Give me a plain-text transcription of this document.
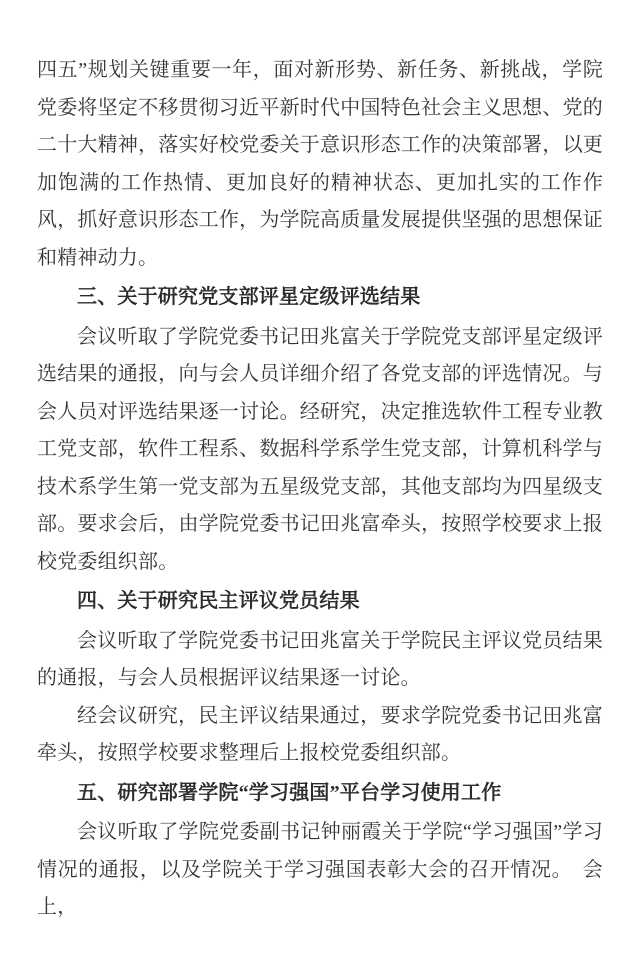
四五”规划关键重要一年，面对新形势、新任务、新挑战，学院党委将坚定不移贯彻习近平新时代中国特色社会主义思想、党的二十大精神，落实好校党委关于意识形态工作的决策部署，以更加饱满的工作热情、更加良好的精神状态、更加扎实的工作作风，抓好意识形态工作，为学院高质量发展提供坚强的思想保证和精神动力。

三、关于研究党支部评星定级评选结果

会议听取了学院党委书记田兆富关于学院党支部评星定级评选结果的通报，向与会人员详细介绍了各党支部的评选情况。与会人员对评选结果逐一讨论。经研究，决定推选软件工程专业教工党支部，软件工程系、数据科学系学生党支部，计算机科学与技术系学生第一党支部为五星级党支部，其他支部均为四星级支部。要求会后，由学院党委书记田兆富牵头，按照学校要求上报校党委组织部。

四、关于研究民主评议党员结果

会议听取了学院党委书记田兆富关于学院民主评议党员结果的通报，与会人员根据评议结果逐一讨论。

经会议研究，民主评议结果通过，要求学院党委书记田兆富牵头，按照学校要求整理后上报校党委组织部。

五、研究部署学院“学习强国”平台学习使用工作

会议听取了学院党委副书记钟丽霞关于学院“学习强国”学习情况的通报，以及学院关于学习强国表彰大会的召开情况。　会上，
